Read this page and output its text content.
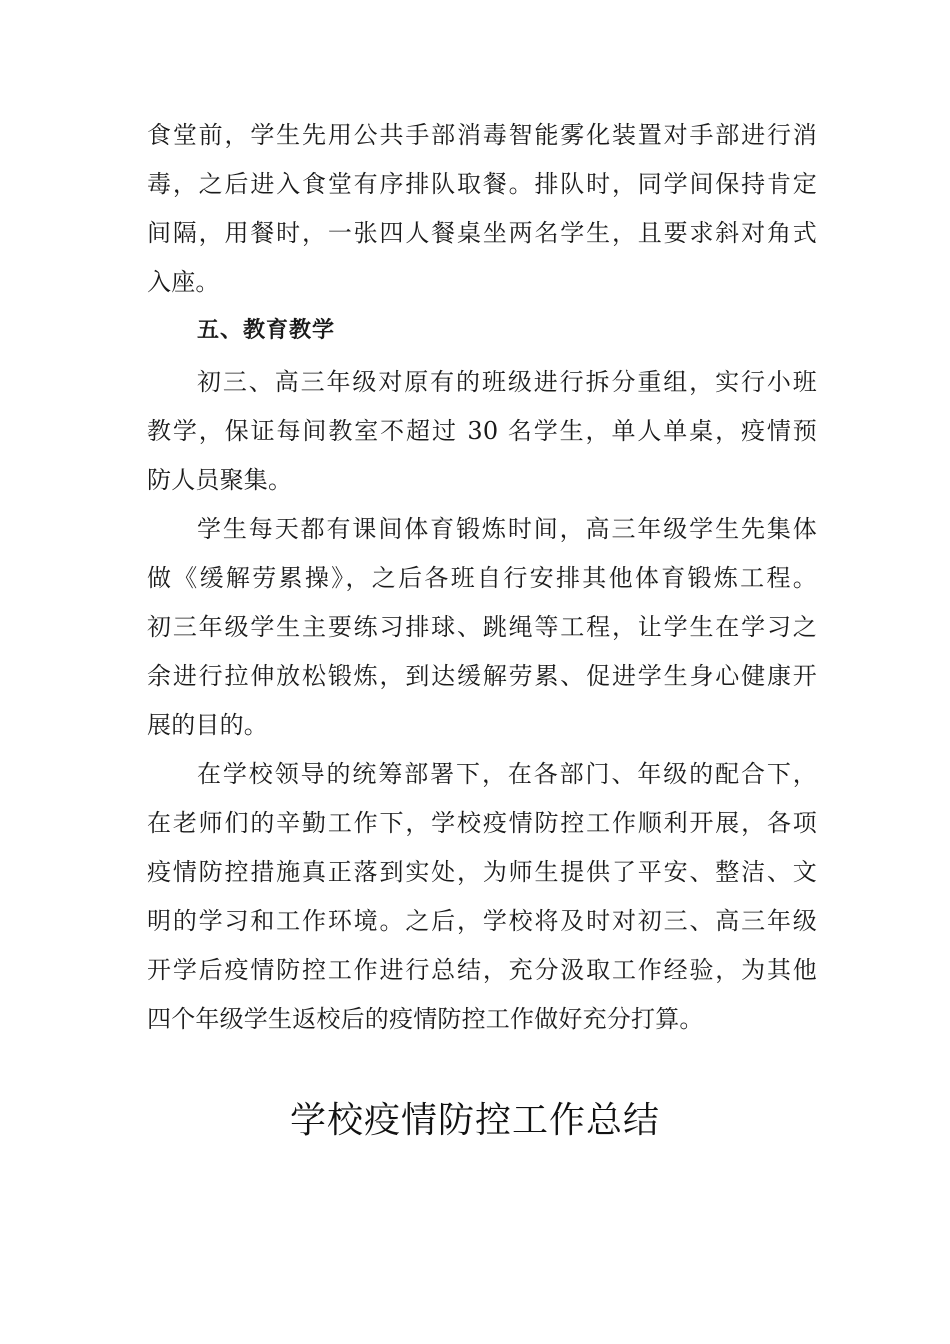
食堂前，学生先用公共手部消毒智能雾化装置对手部进行消
毒，之后进入食堂有序排队取餐。排队时，同学间保持肯定
间隔，用餐时，一张四人餐桌坐两名学生，且要求斜对角式
入座。
五、教育教学
初三、高三年级对原有的班级进行拆分重组，实行小班
教学，保证每间教室不超过 30 名学生，单人单桌，疫情预
防人员聚集。
学生每天都有课间体育锻炼时间，高三年级学生先集体
做《缓解劳累操》，之后各班自行安排其他体育锻炼工程。
初三年级学生主要练习排球、跳绳等工程，让学生在学习之
余进行拉伸放松锻炼，到达缓解劳累、促进学生身心健康开
展的目的。
在学校领导的统筹部署下，在各部门、年级的配合下，
在老师们的辛勤工作下，学校疫情防控工作顺利开展，各项
疫情防控措施真正落到实处，为师生提供了平安、整洁、文
明的学习和工作环境。之后，学校将及时对初三、高三年级
开学后疫情防控工作进行总结，充分汲取工作经验，为其他
四个年级学生返校后的疫情防控工作做好充分打算。
学校疫情防控工作总结
